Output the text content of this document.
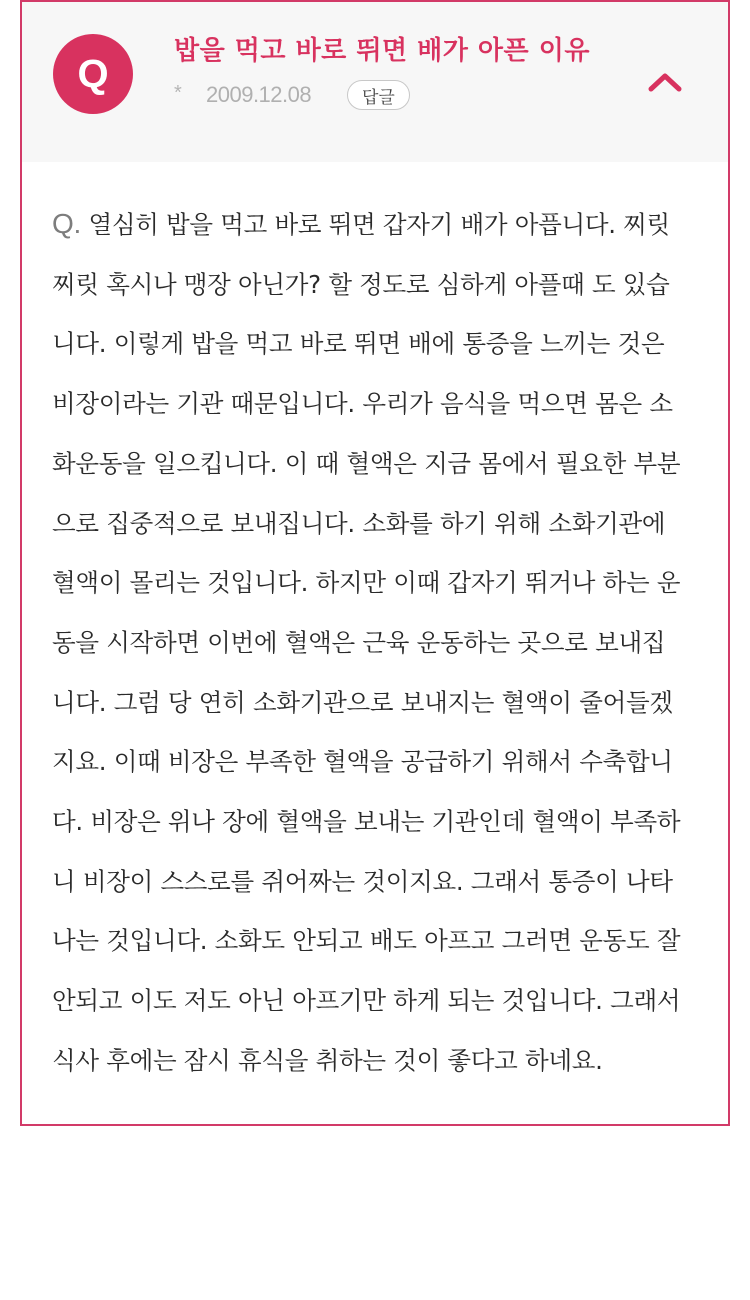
Q
밥을 먹고 바로 뛰면 배가 아픈 이유
* 2009.12.08	답글
Q. 열심히 밥을 먹고 바로 뛰면 갑자기 배가 아픕니다. 찌릿
찌릿 혹시나 맹장 아닌가? 할 정도로 심하게 아플때 도 있습
니다. 이렇게 밥을 먹고 바로 뛰면 배에 통증을 느끼는 것은
비장이라는 기관 때문입니다. 우리가 음식을 먹으면 몸은 소
화운동을 일으킵니다. 이 때 혈액은 지금 몸에서 필요한 부분
으로 집중적으로 보내집니다. 소화를 하기 위해 소화기관에
혈액이 몰리는 것입니다. 하지만 이때 갑자기 뛰거나 하는 운
동을 시작하면 이번에 혈액은 근육 운동하는 곳으로 보내집
니다. 그럼 당 연히 소화기관으로 보내지는 혈액이 줄어들겠
지요. 이때 비장은 부족한 혈액을 공급하기 위해서 수축합니
다. 비장은 위나 장에 혈액을 보내는 기관인데 혈액이 부족하
니 비장이 스스로를 쥐어짜는 것이지요. 그래서 통증이 나타
나는 것입니다. 소화도 안되고 배도 아프고 그러면 운동도 잘
안되고 이도 저도 아닌 아프기만 하게 되는 것입니다. 그래서
식사 후에는 잠시 휴식을 취하는 것이 좋다고 하네요.
